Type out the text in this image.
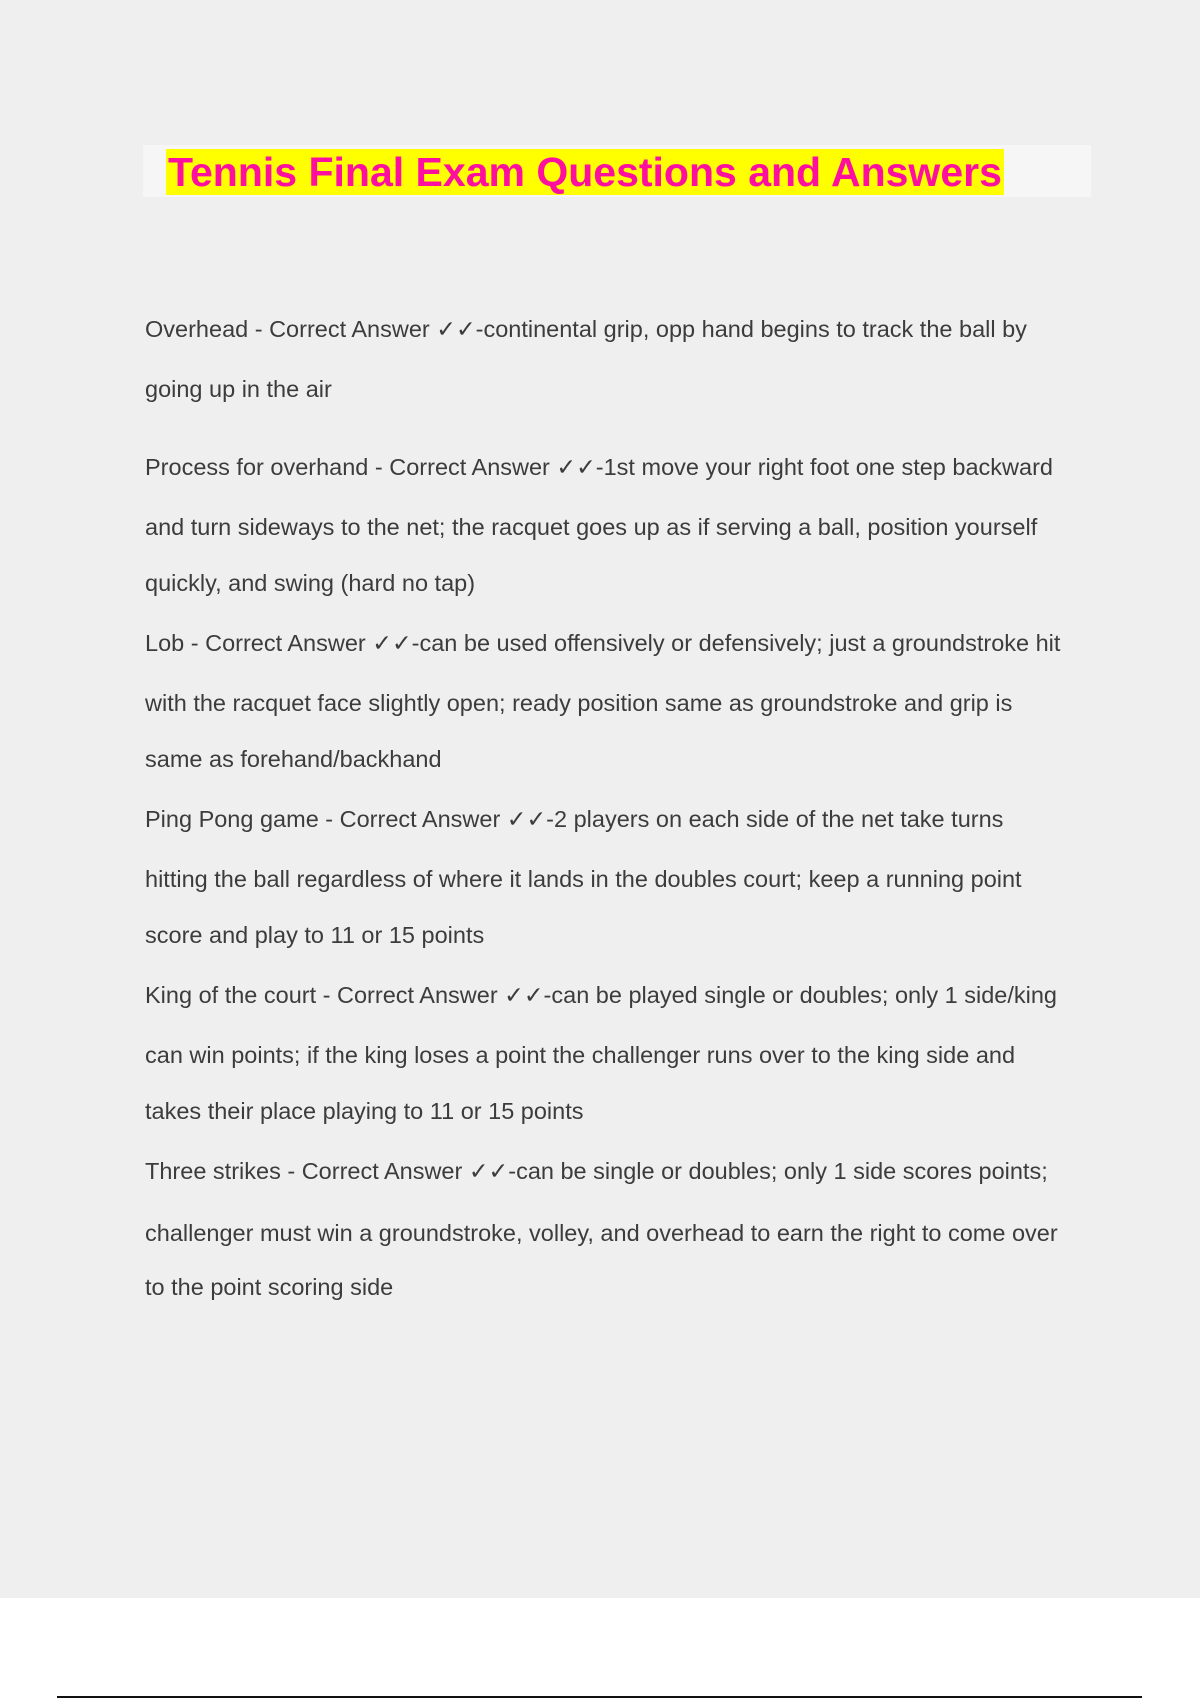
Tennis Final Exam Questions and Answers
Overhead - Correct Answer ✓✓-continental grip, opp hand begins to track the ball by
going up in the air
Process for overhand - Correct Answer ✓✓-1st move your right foot one step backward
and turn sideways to the net; the racquet goes up as if serving a ball, position yourself
quickly, and swing (hard no tap)
Lob - Correct Answer ✓✓-can be used offensively or defensively; just a groundstroke hit
with the racquet face slightly open; ready position same as groundstroke and grip is
same as forehand/backhand
Ping Pong game - Correct Answer ✓✓-2 players on each side of the net take turns
hitting the ball regardless of where it lands in the doubles court; keep a running point
score and play to 11 or 15 points
King of the court - Correct Answer ✓✓-can be played single or doubles; only 1 side/king
can win points; if the king loses a point the challenger runs over to the king side and
takes their place playing to 11 or 15 points
Three strikes - Correct Answer ✓✓-can be single or doubles; only 1 side scores points;
challenger must win a groundstroke, volley, and overhead to earn the right to come over
to the point scoring side
